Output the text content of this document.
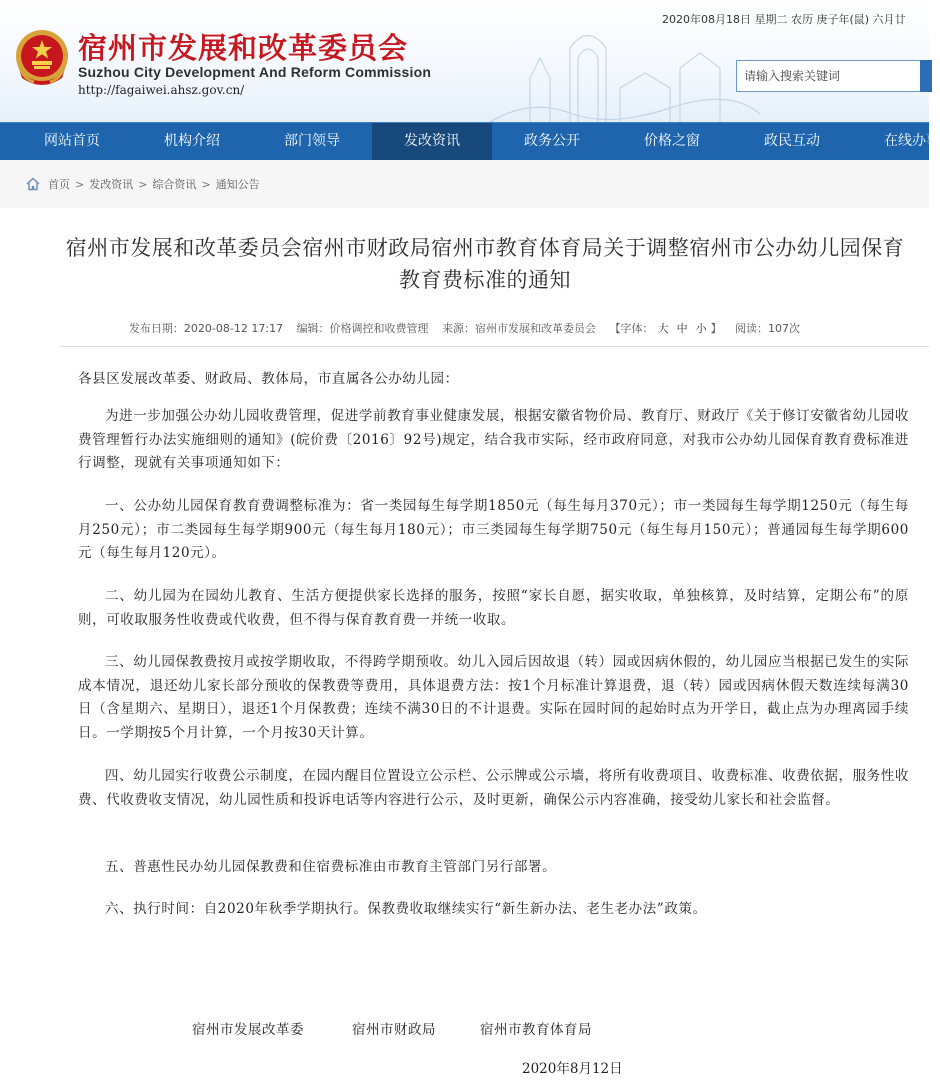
2020年08月18日 星期二 农历 庚子年(鼠) 六月廿
宿州市发展和改革委员会
Suzhou City Development And Reform Commission
http://fagaiwei.ahsz.gov.cn/
请输入搜索关键词
网站首页	机构介绍	部门领导	发改资讯	政务公开	价格之窗	政民互动	在线办事
首页 > 发改资讯 > 综合资讯 > 通知公告
宿州市发展和改革委员会宿州市财政局宿州市教育体育局关于调整宿州市公办幼儿园保育教育费标准的通知
发布日期：2020-08-12 17:17 编辑：价格调控和收费管理 来源：宿州市发展和改革委员会 【字体： 大 中 小 】 阅读：107次
各县区发展改革委、财政局、教体局，市直属各公办幼儿园：
为进一步加强公办幼儿园收费管理，促进学前教育事业健康发展，根据安徽省物价局、教育厅、财政厅《关于修订安徽省幼儿园收费管理暂行办法实施细则的通知》(皖价费〔2016〕92号)规定，结合我市实际，经市政府同意，对我市公办幼儿园保育教育费标准进行调整，现就有关事项通知如下：
一、公办幼儿园保育教育费调整标准为：省一类园每生每学期1850元（每生每月370元）；市一类园每生每学期1250元（每生每月250元）；市二类园每生每学期900元（每生每月180元）；市三类园每生每学期750元（每生每月150元）；普通园每生每学期600元（每生每月120元）。
二、幼儿园为在园幼儿教育、生活方便提供家长选择的服务，按照“家长自愿，据实收取，单独核算，及时结算，定期公布”的原则，可收取服务性收费或代收费，但不得与保育教育费一并统一收取。
三、幼儿园保教费按月或按学期收取，不得跨学期预收。幼儿入园后因故退（转）园或因病休假的，幼儿园应当根据已发生的实际成本情况，退还幼儿家长部分预收的保教费等费用，具体退费方法：按1个月标准计算退费，退（转）园或因病休假天数连续每满30日（含星期六、星期日），退还1个月保教费；连续不满30日的不计退费。实际在园时间的起始时点为开学日，截止点为办理离园手续日。一学期按5个月计算，一个月按30天计算。
四、幼儿园实行收费公示制度，在园内醒目位置设立公示栏、公示牌或公示墙，将所有收费项目、收费标准、收费依据，服务性收费、代收费收支情况，幼儿园性质和投诉电话等内容进行公示，及时更新，确保公示内容准确，接受幼儿家长和社会监督。
五、普惠性民办幼儿园保教费和住宿费标准由市教育主管部门另行部署。
六、执行时间：自2020年秋季学期执行。保教费收取继续实行“新生新办法、老生老办法”政策。
宿州市发展改革委	宿州市财政局	宿州市教育体育局
2020年8月12日
